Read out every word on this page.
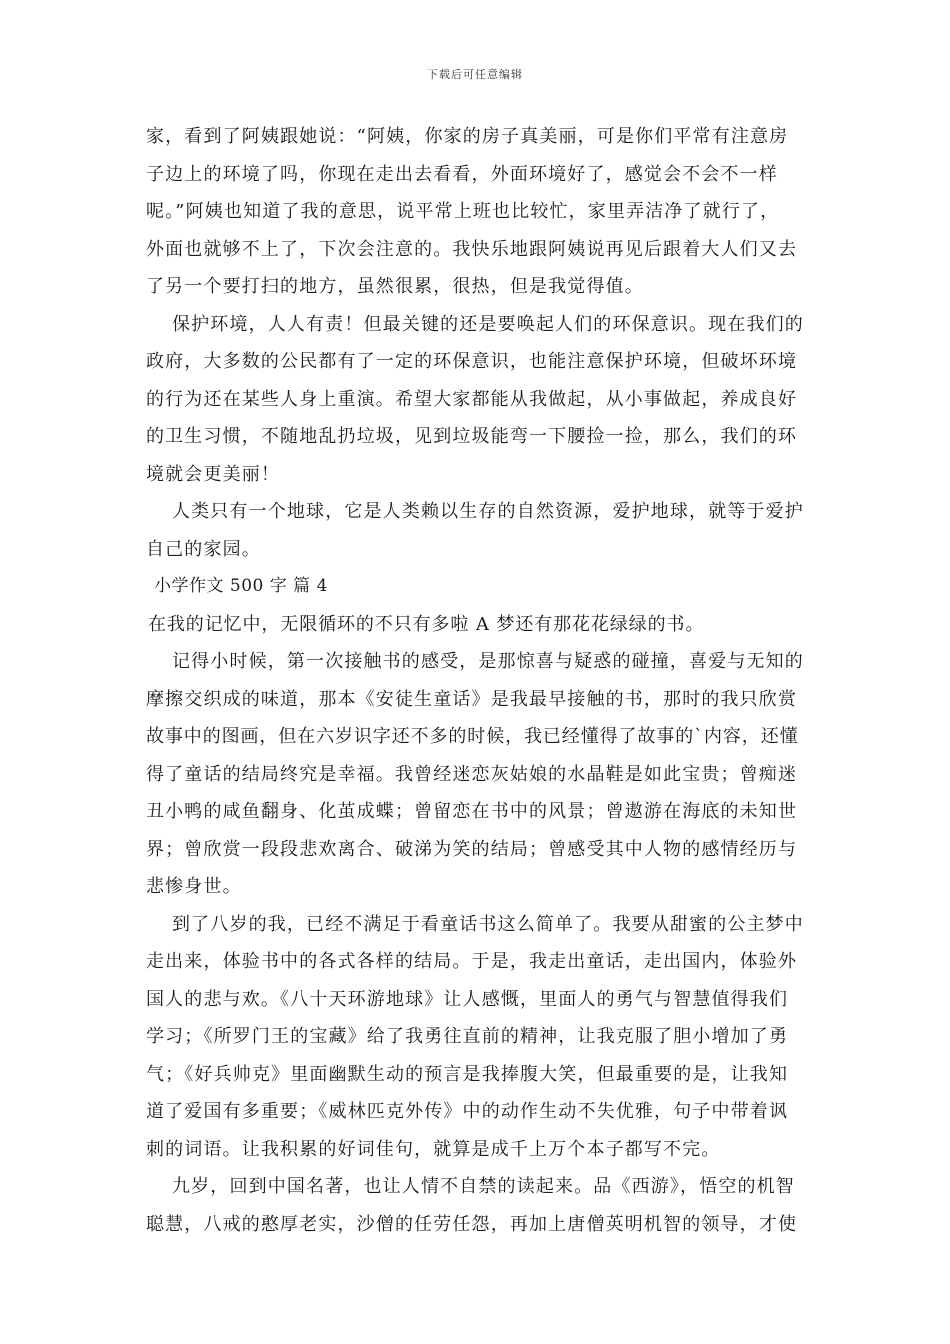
下载后可任意编辑
家，看到了阿姨跟她说：“阿姨，你家的房子真美丽，可是你们平常有注意房
子边上的环境了吗，你现在走出去看看，外面环境好了，感觉会不会不一样
呢。”阿姨也知道了我的意思，说平常上班也比较忙，家里弄洁净了就行了，
外面也就够不上了，下次会注意的。我快乐地跟阿姨说再见后跟着大人们又去
了另一个要打扫的地方，虽然很累，很热，但是我觉得值。
保护环境，人人有责！但最关键的还是要唤起人们的环保意识。现在我们的
政府，大多数的公民都有了一定的环保意识，也能注意保护环境，但破坏环境
的行为还在某些人身上重演。希望大家都能从我做起，从小事做起，养成良好
的卫生习惯，不随地乱扔垃圾，见到垃圾能弯一下腰捡一捡，那么，我们的环
境就会更美丽！
人类只有一个地球，它是人类赖以生存的自然资源，爱护地球，就等于爱护
自己的家园。
小学作文 500 字 篇 4
在我的记忆中，无限循环的不只有多啦 A 梦还有那花花绿绿的书。
记得小时候，第一次接触书的感受，是那惊喜与疑惑的碰撞，喜爱与无知的
摩擦交织成的味道，那本《安徒生童话》是我最早接触的书，那时的我只欣赏
故事中的图画，但在六岁识字还不多的时候，我已经懂得了故事的`内容，还懂
得了童话的结局终究是幸福。我曾经迷恋灰姑娘的水晶鞋是如此宝贵；曾痴迷
丑小鸭的咸鱼翻身、化茧成蝶；曾留恋在书中的风景；曾遨游在海底的未知世
界；曾欣赏一段段悲欢离合、破涕为笑的结局；曾感受其中人物的感情经历与
悲惨身世。
到了八岁的我，已经不满足于看童话书这么简单了。我要从甜蜜的公主梦中
走出来，体验书中的各式各样的结局。于是，我走出童话，走出国内，体验外
国人的悲与欢。《八十天环游地球》让人感慨，里面人的勇气与智慧值得我们
学习；《所罗门王的宝藏》给了我勇往直前的精神，让我克服了胆小增加了勇
气；《好兵帅克》里面幽默生动的预言是我捧腹大笑，但最重要的是，让我知
道了爱国有多重要；《威林匹克外传》中的动作生动不失优雅，句子中带着讽
刺的词语。让我积累的好词佳句，就算是成千上万个本子都写不完。
九岁，回到中国名著，也让人情不自禁的读起来。品《西游》，悟空的机智
聪慧，八戒的憨厚老实，沙僧的任劳任怨，再加上唐僧英明机智的领导，才使
